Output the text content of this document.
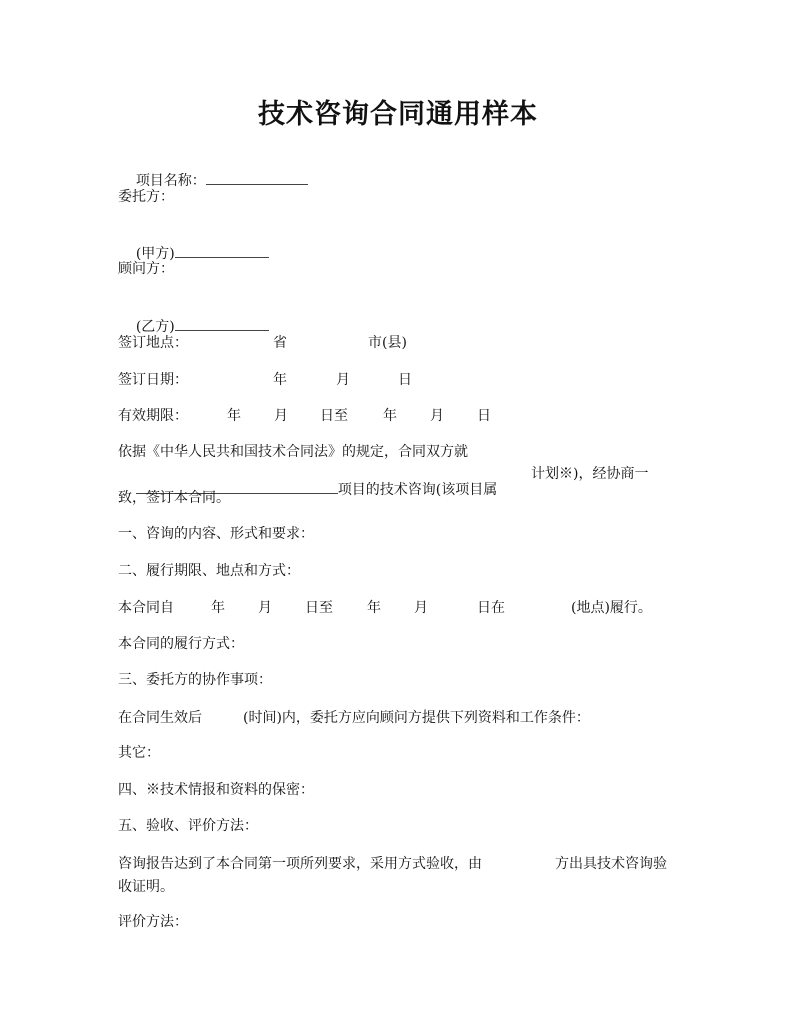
技术咨询合同通用样本

项目名称：

委托方：

(甲方)

顾问方：

(乙方)

签订地点：	省	市(县)
签订日期：	年	月	日
有效期限：	年 月 日至	年 月 日
依据《中华人民共和国技术合同法》的规定，合同双方就

项目的技术咨询(该项目属

计划※)，经协商一
致，签订本合同。
一、咨询的内容、形式和要求：
二、履行期限、地点和方式：
本合同自	年 月 日至 年 月	日在	(地点)履行。
本合同的履行方式：
三、委托方的协作事项：
在合同生效后	(时间)内，委托方应向顾问方提供下列资料和工作条件：
其它：
四、※技术情报和资料的保密：
五、验收、评价方法：
咨询报告达到了本合同第一项所列要求，采用方式验收，由	方出具技术咨询验
收证明。
评价方法：
